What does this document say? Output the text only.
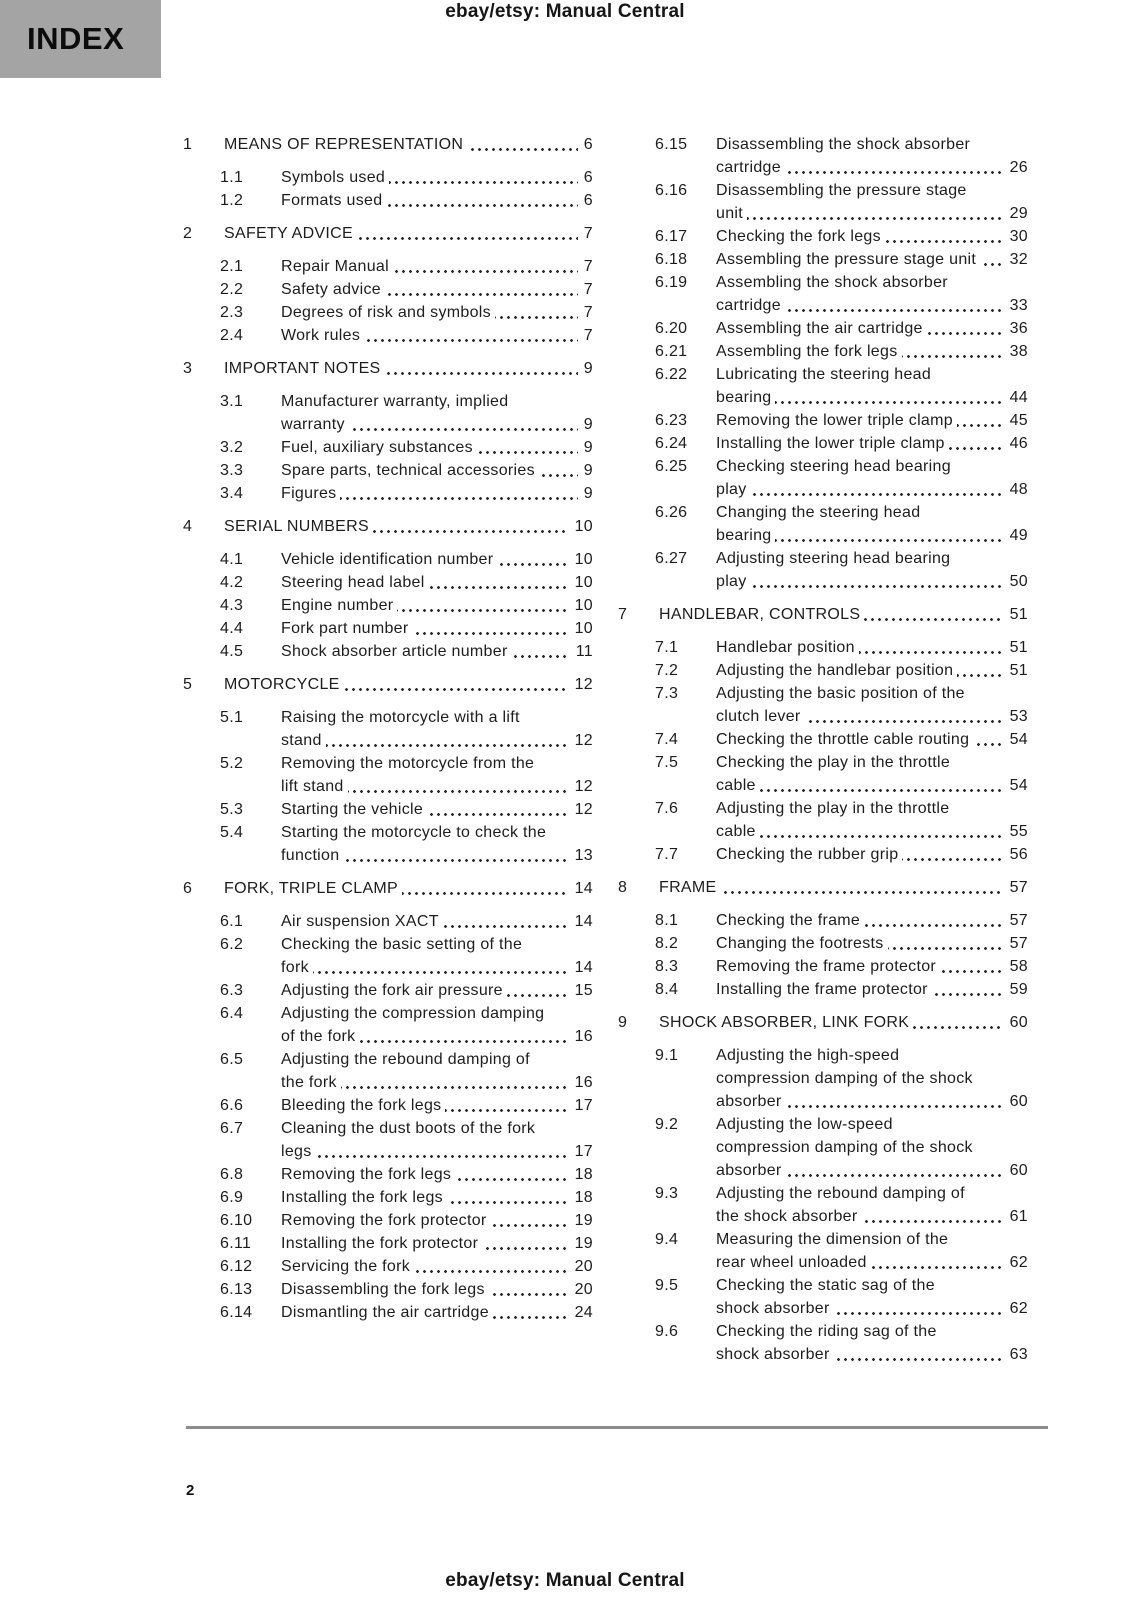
INDEX
ebay/etsy: Manual Central
1	MEANS OF REPRESENTATION	6
1.1	Symbols used	6
1.2	Formats used	6
2	SAFETY ADVICE	7
2.1	Repair Manual	7
2.2	Safety advice	7
2.3	Degrees of risk and symbols	7
2.4	Work rules	7
3	IMPORTANT NOTES	9
3.1	Manufacturer warranty, implied warranty	9
3.2	Fuel, auxiliary substances	9
3.3	Spare parts, technical accessories	9
3.4	Figures	9
4	SERIAL NUMBERS	10
4.1	Vehicle identification number	10
4.2	Steering head label	10
4.3	Engine number	10
4.4	Fork part number	10
4.5	Shock absorber article number	11
5	MOTORCYCLE	12
5.1	Raising the motorcycle with a lift stand	12
5.2	Removing the motorcycle from the lift stand	12
5.3	Starting the vehicle	12
5.4	Starting the motorcycle to check the function	13
6	FORK, TRIPLE CLAMP	14
6.1	Air suspension XACT	14
6.2	Checking the basic setting of the fork	14
6.3	Adjusting the fork air pressure	15
6.4	Adjusting the compression damping of the fork	16
6.5	Adjusting the rebound damping of the fork	16
6.6	Bleeding the fork legs	17
6.7	Cleaning the dust boots of the fork legs	17
6.8	Removing the fork legs	18
6.9	Installing the fork legs	18
6.10	Removing the fork protector	19
6.11	Installing the fork protector	19
6.12	Servicing the fork	20
6.13	Disassembling the fork legs	20
6.14	Dismantling the air cartridge	24
6.15	Disassembling the shock absorber cartridge	26
6.16	Disassembling the pressure stage unit	29
6.17	Checking the fork legs	30
6.18	Assembling the pressure stage unit	32
6.19	Assembling the shock absorber cartridge	33
6.20	Assembling the air cartridge	36
6.21	Assembling the fork legs	38
6.22	Lubricating the steering head bearing	44
6.23	Removing the lower triple clamp	45
6.24	Installing the lower triple clamp	46
6.25	Checking steering head bearing play	48
6.26	Changing the steering head bearing	49
6.27	Adjusting steering head bearing play	50
7	HANDLEBAR, CONTROLS	51
7.1	Handlebar position	51
7.2	Adjusting the handlebar position	51
7.3	Adjusting the basic position of the clutch lever	53
7.4	Checking the throttle cable routing	54
7.5	Checking the play in the throttle cable	54
7.6	Adjusting the play in the throttle cable	55
7.7	Checking the rubber grip	56
8	FRAME	57
8.1	Checking the frame	57
8.2	Changing the footrests	57
8.3	Removing the frame protector	58
8.4	Installing the frame protector	59
9	SHOCK ABSORBER, LINK FORK	60
9.1	Adjusting the high-speed compression damping of the shock absorber	60
9.2	Adjusting the low-speed compression damping of the shock absorber	60
9.3	Adjusting the rebound damping of the shock absorber	61
9.4	Measuring the dimension of the rear wheel unloaded	62
9.5	Checking the static sag of the shock absorber	62
9.6	Checking the riding sag of the shock absorber	63
2
ebay/etsy: Manual Central
